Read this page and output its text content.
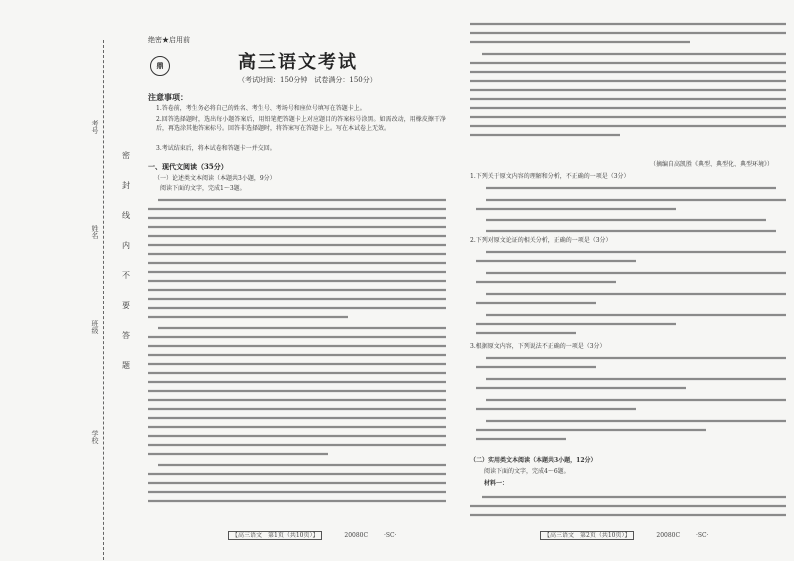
考号
姓名
班级
学校
密
封
线
内
不
要
答
题
绝密★启用前
鼎	高三语文考试
（考试时间：150分钟　试卷满分：150分）
注意事项：
1.答卷前，考生务必将自己的姓名、考生号、考场号和座位号填写在答题卡上。
2.回答选择题时，选出每小题答案后，用铅笔把答题卡上对应题目的答案标号涂黑。如需改动，用橡皮擦干净后，再选涂其他答案标号。回答非选择题时，将答案写在答题卡上。写在本试卷上无效。
3.考试结束后，将本试卷和答题卡一并交回。
一、现代文阅读（35分）
（一）论述类文本阅读（本题共3小题，9分）
阅读下面的文字，完成1～3题。
【高三语文　第1页（共10页）】	20080C	·SC·
（摘编自高凯胜《典型、典型化、典型环境》）
1.下列关于原文内容的理解和分析，不正确的一项是（3分）
2.下列对原文论证的相关分析，正确的一项是（3分）
3.根据原文内容，下列说法不正确的一项是（3分）
（二）实用类文本阅读（本题共3小题，12分）
阅读下面的文字，完成4～6题。
材料一：
【高三语文　第2页（共10页）】	20080C	·SC·
